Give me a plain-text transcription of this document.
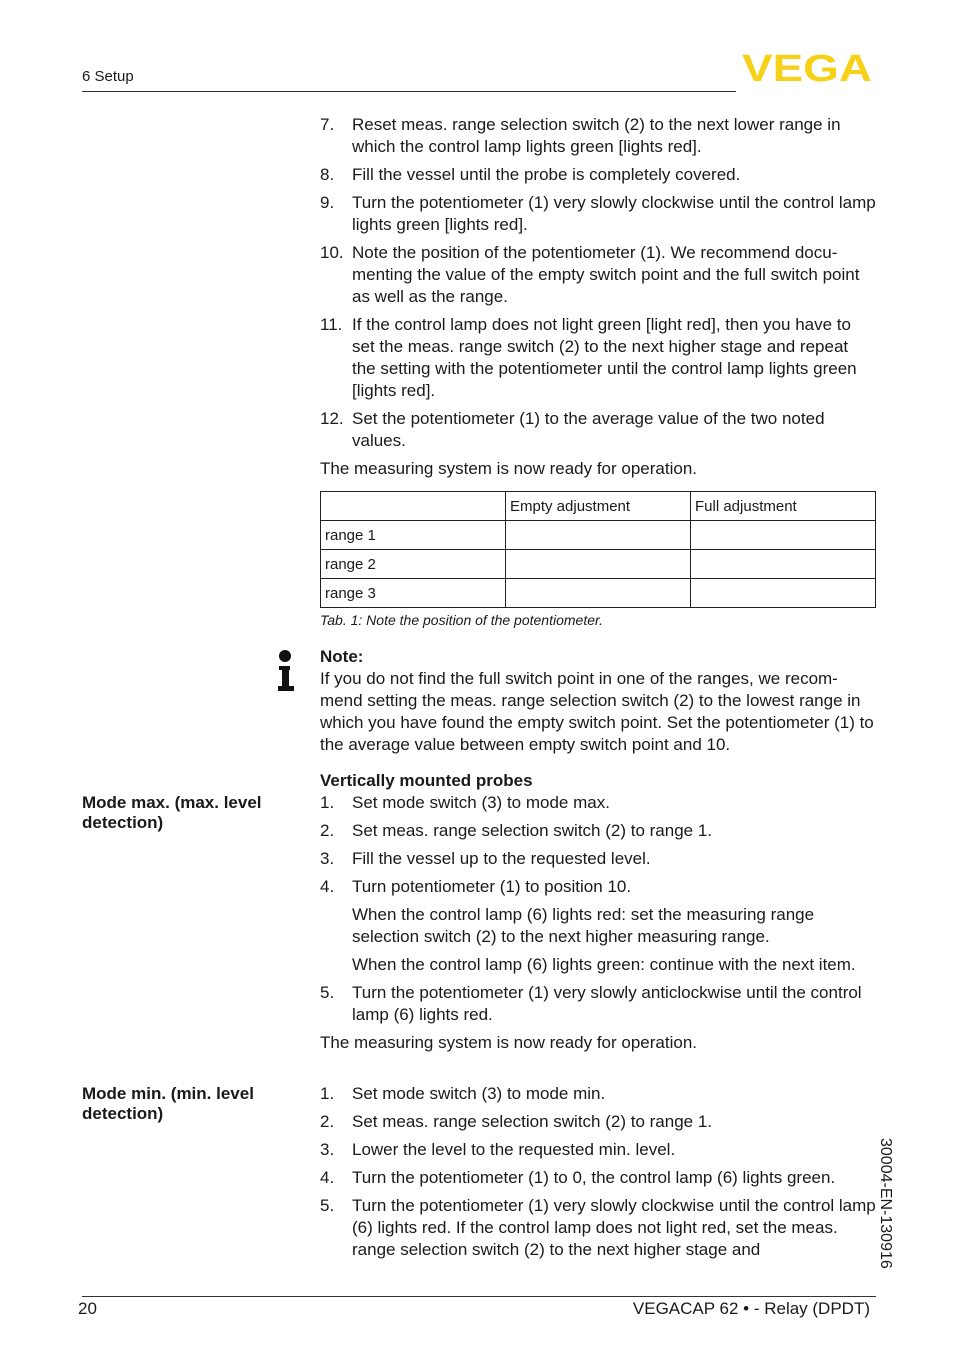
6 Setup	VEGA
7. Reset meas. range selection switch (2) to the next lower range in which the control lamp lights green [lights red].
8. Fill the vessel until the probe is completely covered.
9. Turn the potentiometer (1) very slowly clockwise until the control lamp lights green [lights red].
10. Note the position of the potentiometer (1). We recommend docu- menting the value of the empty switch point and the full switch point as well as the range.
11. If the control lamp does not light green [light red], then you have to set the meas. range switch (2) to the next higher stage and repeat the setting with the potentiometer until the control lamp lights green [lights red].
12. Set the potentiometer (1) to the average value of the two noted values.
The measuring system is now ready for operation.
	Empty adjustment	Full adjustment
range 1		
range 2		
range 3		
Tab. 1: Note the position of the potentiometer.
Note:
If you do not find the full switch point in one of the ranges, we recom- mend setting the meas. range selection switch (2) to the lowest range in which you have found the empty switch point. Set the potentiometer (1) to the average value between empty switch point and 10.
Mode max. (max. level detection)
Vertically mounted probes
1. Set mode switch (3) to mode max.
2. Set meas. range selection switch (2) to range 1.
3. Fill the vessel up to the requested level.
4. Turn potentiometer (1) to position 10.
When the control lamp (6) lights red: set the measuring range selection switch (2) to the next higher measuring range.
When the control lamp (6) lights green: continue with the next item.
5. Turn the potentiometer (1) very slowly anticlockwise until the control lamp (6) lights red.
The measuring system is now ready for operation.
Mode min. (min. level detection)
1. Set mode switch (3) to mode min.
2. Set meas. range selection switch (2) to range 1.
3. Lower the level to the requested min. level.
4. Turn the potentiometer (1) to 0, the control lamp (6) lights green.
5. Turn the potentiometer (1) very slowly clockwise until the control lamp (6) lights red. If the control lamp does not light red, set the meas. range selection switch (2) to the next higher stage and	30004-EN-130916
20	VEGACAP 62 • - Relay (DPDT)
